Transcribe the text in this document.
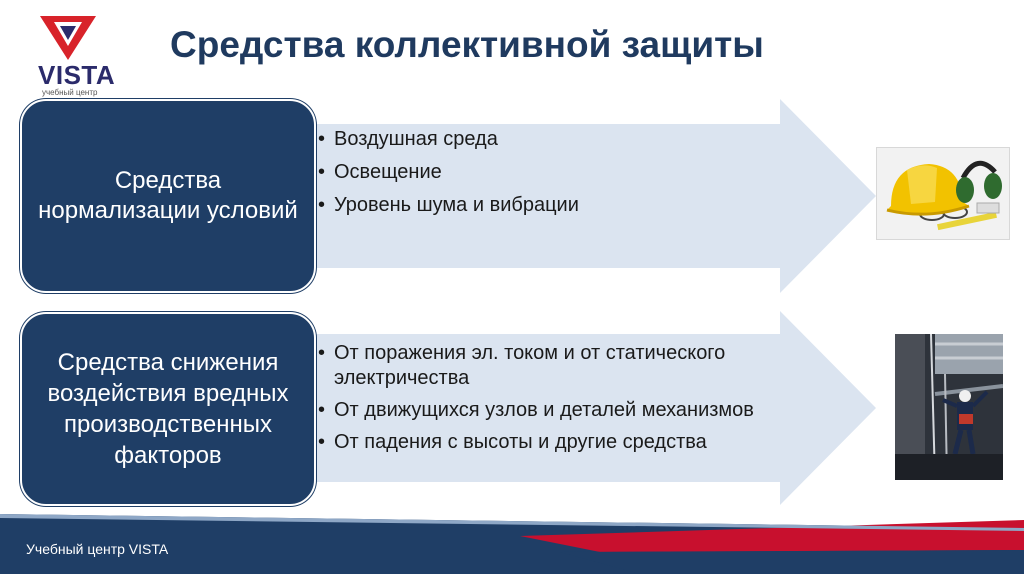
VISTA
учебный центр
Средства коллективной защиты
Средства нормализации условий
• Воздушная среда
• Освещение
• Уровень шума и вибрации
Средства снижения воздействия вредных производственных факторов
• От поражения эл. током и от статического электричества
• От движущихся узлов и деталей механизмов
• От падения с высоты и другие средства
Учебный центр VISTA
